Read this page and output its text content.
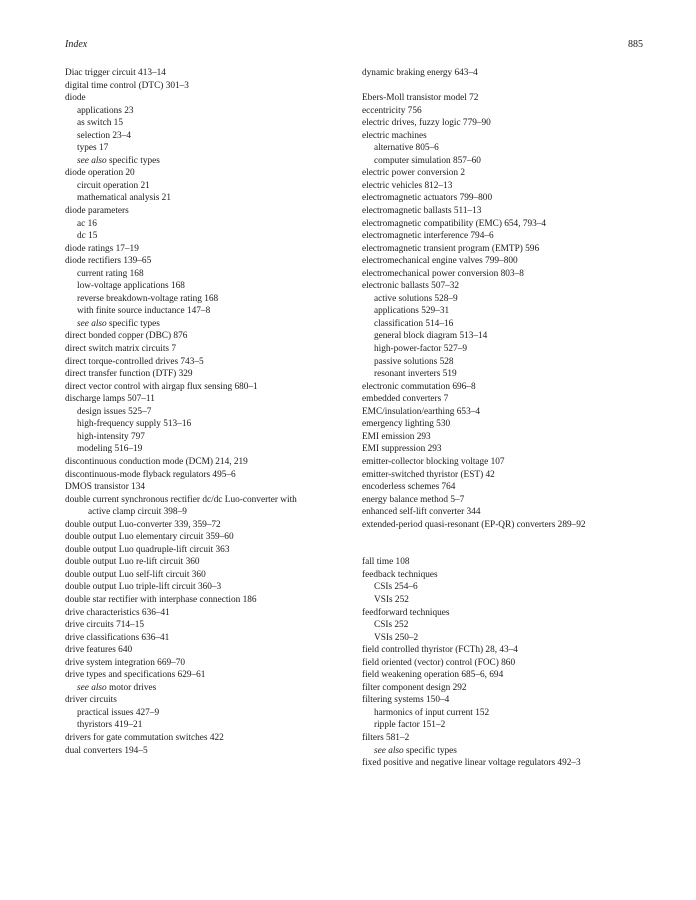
Index	885
Diac trigger circuit 413–14
digital time control (DTC) 301–3
diode
applications 23
as switch 15
selection 23–4
types 17
see also specific types
diode operation 20
circuit operation 21
mathematical analysis 21
diode parameters
ac 16
dc 15
diode ratings 17–19
diode rectifiers 139–65
current rating 168
low-voltage applications 168
reverse breakdown-voltage rating 168
with finite source inductance 147–8
see also specific types
direct bonded copper (DBC) 876
direct switch matrix circuits 7
direct torque-controlled drives 743–5
direct transfer function (DTF) 329
direct vector control with airgap flux sensing 680–1
discharge lamps 507–11
design issues 525–7
high-frequency supply 513–16
high-intensity 797
modeling 516–19
discontinuous conduction mode (DCM) 214, 219
discontinuous-mode flyback regulators 495–6
DMOS transistor 134
double current synchronous rectifier dc/dc Luo-converter with
active clamp circuit 398–9
double output Luo-converter 339, 359–72
double output Luo elementary circuit 359–60
double output Luo quadruple-lift circuit 363
double output Luo re-lift circuit 360
double output Luo self-lift circuit 360
double output Luo triple-lift circuit 360–3
double star rectifier with interphase connection 186
drive characteristics 636–41
drive circuits 714–15
drive classifications 636–41
drive features 640
drive system integration 669–70
drive types and specifications 629–61
see also motor drives
driver circuits
practical issues 427–9
thyristors 419–21
drivers for gate commutation switches 422
dual converters 194–5
dynamic braking energy 643–4
Ebers-Moll transistor model 72
eccentricity 756
electric drives, fuzzy logic 779–90
electric machines
alternative 805–6
computer simulation 857–60
electric power conversion 2
electric vehicles 812–13
electromagnetic actuators 799–800
electromagnetic ballasts 511–13
electromagnetic compatibility (EMC) 654, 793–4
electromagnetic interference 794–6
electromagnetic transient program (EMTP) 596
electromechanical engine valves 799–800
electromechanical power conversion 803–8
electronic ballasts 507–32
active solutions 528–9
applications 529–31
classification 514–16
general block diagram 513–14
high-power-factor 527–9
passive solutions 528
resonant inverters 519
electronic commutation 696–8
embedded converters 7
EMC/insulation/earthing 653–4
emergency lighting 530
EMI emission 293
EMI suppression 293
emitter-collector blocking voltage 107
emitter-switched thyristor (EST) 42
encoderless schemes 764
energy balance method 5–7
enhanced self-lift converter 344
extended-period quasi-resonant (EP-QR) converters 289–92
fall time 108
feedback techniques
CSIs 254–6
VSIs 252
feedforward techniques
CSIs 252
VSIs 250–2
field controlled thyristor (FCTh) 28, 43–4
field oriented (vector) control (FOC) 860
field weakening operation 685–6, 694
filter component design 292
filtering systems 150–4
harmonics of input current 152
ripple factor 151–2
filters 581–2
see also specific types
fixed positive and negative linear voltage regulators 492–3
